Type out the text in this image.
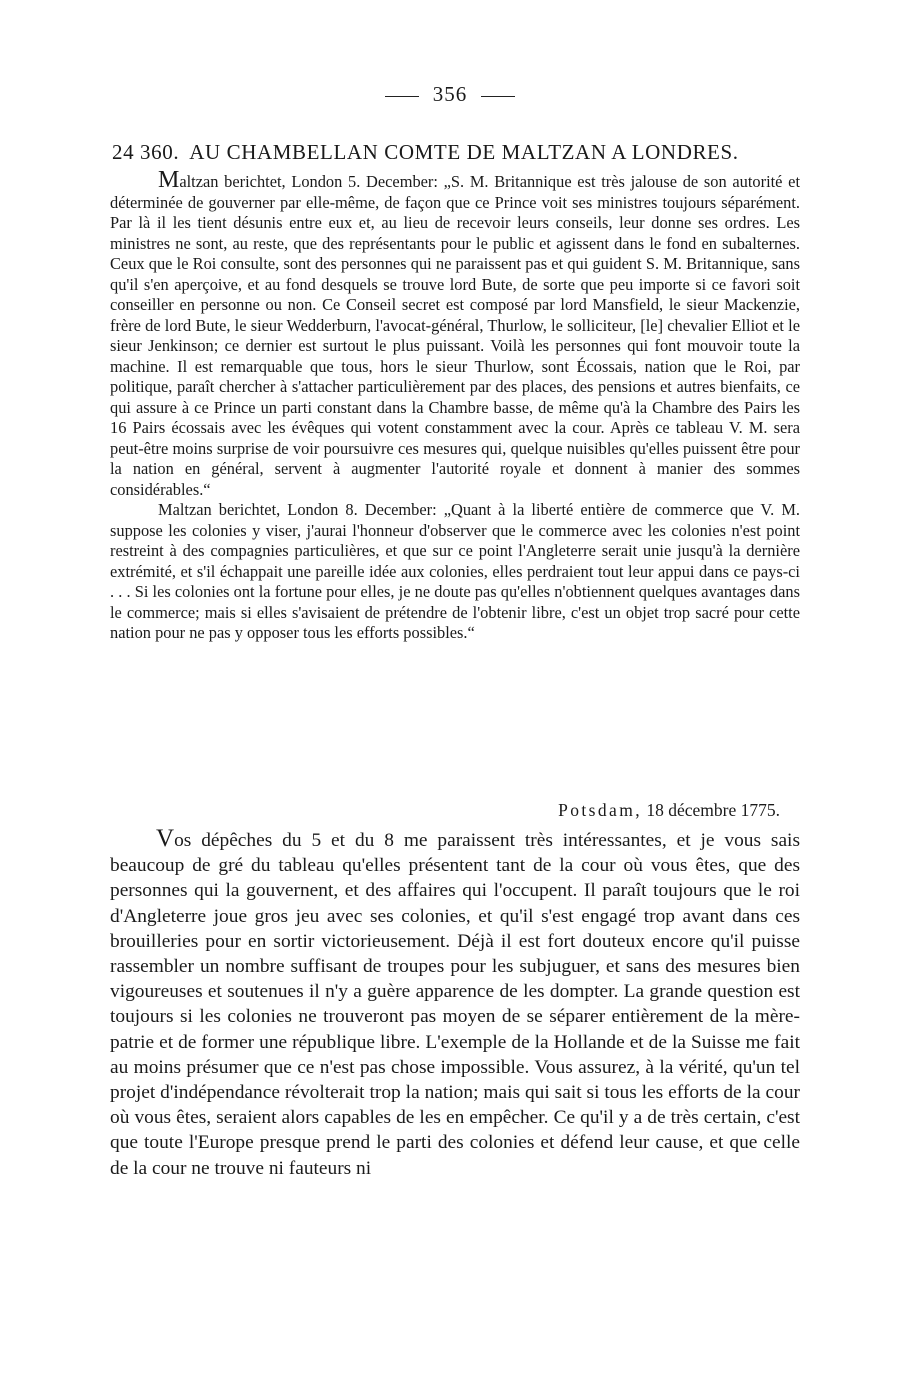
356
24 360. AU CHAMBELLAN COMTE DE MALTZAN A LONDRES.

Maltzan berichtet, London 5. December: „S. M. Britannique est très jalouse de son autorité et déterminée de gouverner par elle-même, de façon que ce Prince voit ses ministres toujours séparément. Par là il les tient désunis entre eux et, au lieu de recevoir leurs conseils, leur donne ses ordres. Les ministres ne sont, au reste, que des représentants pour le public et agissent dans le fond en subalternes. Ceux que le Roi consulte, sont des personnes qui ne paraissent pas et qui guident S. M. Britannique, sans qu'il s'en aperçoive, et au fond desquels se trouve lord Bute, de sorte que peu importe si ce favori soit conseiller en personne ou non. Ce Conseil secret est composé par lord Mansfield, le sieur Mackenzie, frère de lord Bute, le sieur Wedderburn, l'avocat-général, Thurlow, le solliciteur, [le] chevalier Elliot et le sieur Jenkinson; ce dernier est surtout le plus puissant. Voilà les personnes qui font mouvoir toute la machine. Il est remarquable que tous, hors le sieur Thurlow, sont Écossais, nation que le Roi, par politique, paraît chercher à s'attacher particulièrement par des places, des pensions et autres bienfaits, ce qui assure à ce Prince un parti constant dans la Chambre basse, de même qu'à la Chambre des Pairs les 16 Pairs écossais avec les évêques qui votent constamment avec la cour. Après ce tableau V. M. sera peut-être moins surprise de voir poursuivre ces mesures qui, quelque nuisibles qu'elles puissent être pour la nation en général, servent à augmenter l'autorité royale et donnent à manier des sommes considérables.“

Maltzan berichtet, London 8. December: „Quant à la liberté entière de commerce que V. M. suppose les colonies y viser, j'aurai l'honneur d'observer que le commerce avec les colonies n'est point restreint à des compagnies particulières, et que sur ce point l'Angleterre serait unie jusqu'à la dernière extrémité, et s'il échappait une pareille idée aux colonies, elles perdraient tout leur appui dans ce pays-ci . . . Si les colonies ont la fortune pour elles, je ne doute pas qu'elles n'obtiennent quelques avantages dans le commerce; mais si elles s'avisaient de prétendre de l'obtenir libre, c'est un objet trop sacré pour cette nation pour ne pas y opposer tous les efforts possibles.“

Potsdam, 18 décembre 1775.

Vos dépêches du 5 et du 8 me paraissent très intéressantes, et je vous sais beaucoup de gré du tableau qu'elles présentent tant de la cour où vous êtes, que des personnes qui la gouvernent, et des affaires qui l'occupent. Il paraît toujours que le roi d'Angleterre joue gros jeu avec ses colonies, et qu'il s'est engagé trop avant dans ces brouilleries pour en sortir victorieusement. Déjà il est fort douteux encore qu'il puisse rassembler un nombre suffisant de troupes pour les subjuguer, et sans des mesures bien vigoureuses et soutenues il n'y a guère apparence de les dompter. La grande question est toujours si les colonies ne trouveront pas moyen de se séparer entièrement de la mère-patrie et de former une république libre. L'exemple de la Hollande et de la Suisse me fait au moins présumer que ce n'est pas chose impossible. Vous assurez, à la vérité, qu'un tel projet d'indépendance révolterait trop la nation; mais qui sait si tous les efforts de la cour où vous êtes, seraient alors capables de les en empêcher. Ce qu'il y a de très certain, c'est que toute l'Europe presque prend le parti des colonies et défend leur cause, et que celle de la cour ne trouve ni fauteurs ni
